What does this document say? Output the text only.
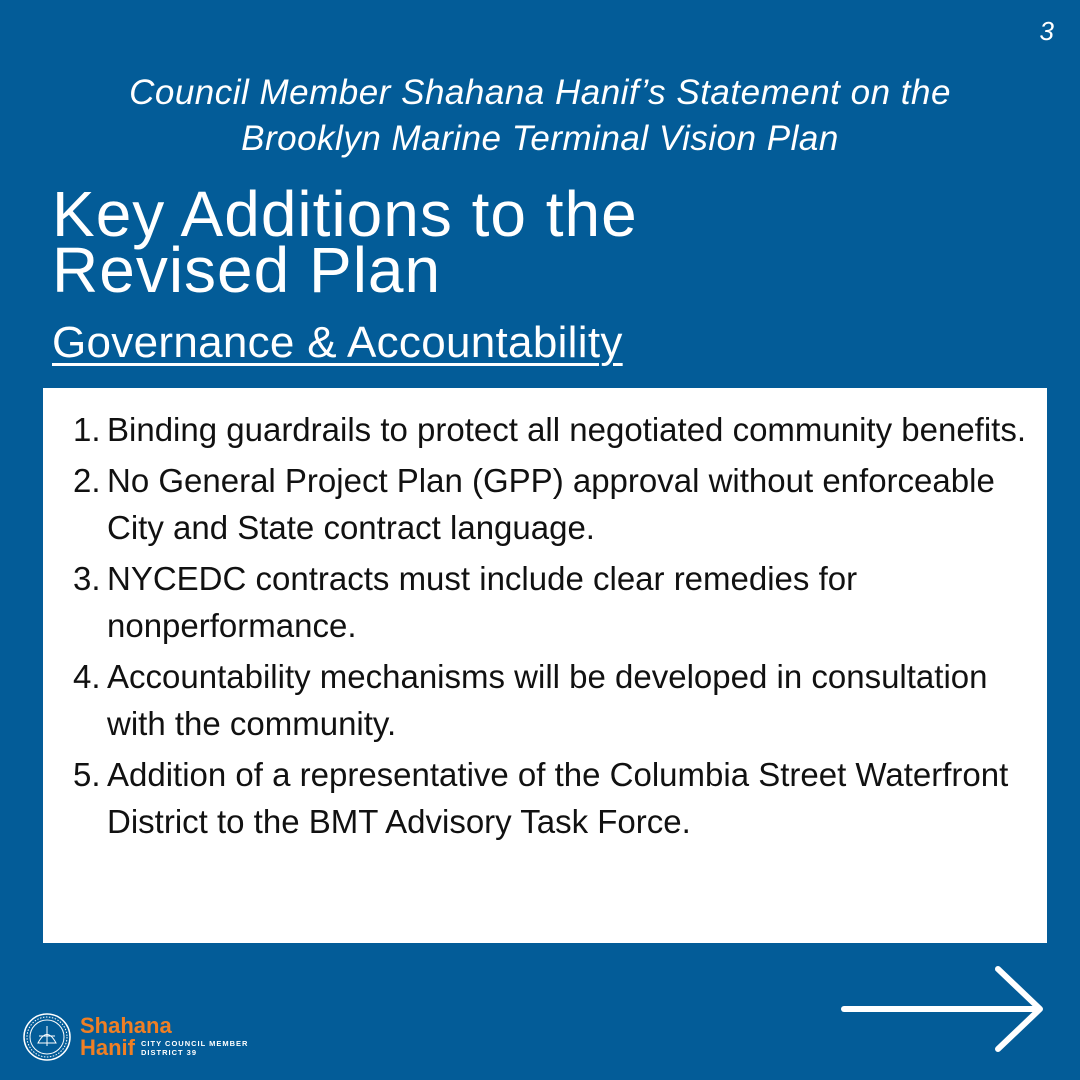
3
Council Member Shahana Hanif’s Statement on the
Brooklyn Marine Terminal Vision Plan
Key Additions to the
Revised Plan
Governance & Accountability
1. Binding guardrails to protect all negotiated community benefits.
2. No General Project Plan (GPP) approval without enforceable City and State contract language.
3. NYCEDC contracts must include clear remedies for nonperformance.
4. Accountability mechanisms will be developed in consultation with the community.
5. Addition of a representative of the Columbia Street Waterfront District to the BMT Advisory Task Force.
Shahana
Hanif CITY COUNCIL MEMBER
DISTRICT 39
